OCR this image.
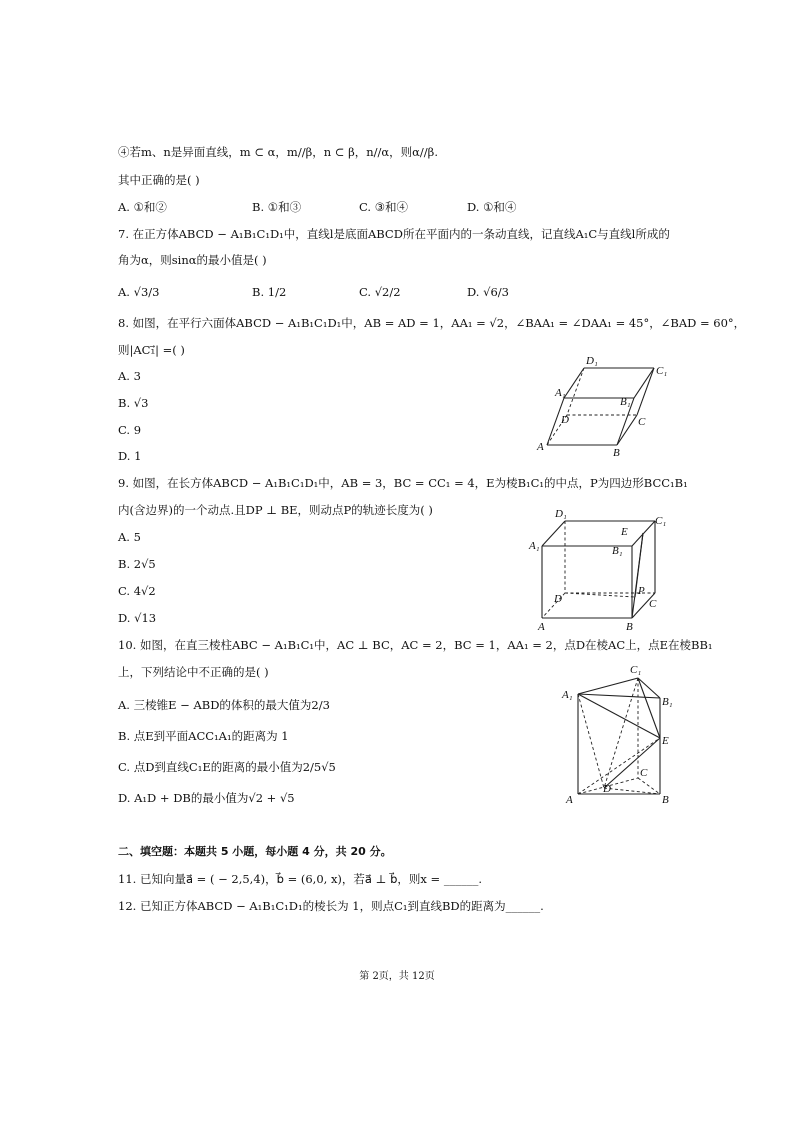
④若m、n是异面直线，m ⊂ α，m//β，n ⊂ β，n//α，则α//β.
其中正确的是( )
A. ①和②	B. ①和③	C. ③和④	D. ①和④
7. 在正方体ABCD − A₁B₁C₁D₁中，直线l是底面ABCD所在平面内的一条动直线，记直线A₁C与直线l所成的
角为α，则sinα的最小值是( )
A. √3/3	B. 1/2	C. √2/2	D. √6/3
8. 如图，在平行六面体ABCD − A₁B₁C₁D₁中，AB = AD = 1，AA₁ = √2，∠BAA₁ = ∠DAA₁ = 45°，∠BAD = 60°，
则|AC₁⃗| =( )
A. 3
B. √3
C. 9
D. 1
D₁
C₁
A₁
B₁
D	C
A	B
9. 如图，在长方体ABCD − A₁B₁C₁D₁中，AB = 3，BC = CC₁ = 4，E为棱B₁C₁的中点，P为四边形BCC₁B₁
内(含边界)的一个动点.且DP ⊥ BE，则动点P的轨迹长度为( )
A. 5
B. 2√5
C. 4√2
D. √13
D₁
E
C₁
A₁	B₁
P
D	C
A	B
10. 如图，在直三棱柱ABC − A₁B₁C₁中，AC ⊥ BC，AC = 2，BC = 1，AA₁ = 2，点D在棱AC上，点E在棱BB₁
上，下列结论中不正确的是( )
A. 三棱锥E − ABD的体积的最大值为2/3
B. 点E到平面ACC₁A₁的距离为 1
C. 点D到直线C₁E的距离的最小值为2/5√5
D. A₁D + DB的最小值为√2 + √5
C₁
A₁
B₁
E
C
D
A	B
二、填空题：本题共 5 小题，每小题 4 分，共 20 分。
11. 已知向量a⃗ = ( − 2,5,4)，b⃗ = (6,0, x)，若a⃗ ⊥ b⃗，则x = ______.
12. 已知正方体ABCD − A₁B₁C₁D₁的棱长为 1，则点C₁到直线BD的距离为______.
第 2页，共 12页
